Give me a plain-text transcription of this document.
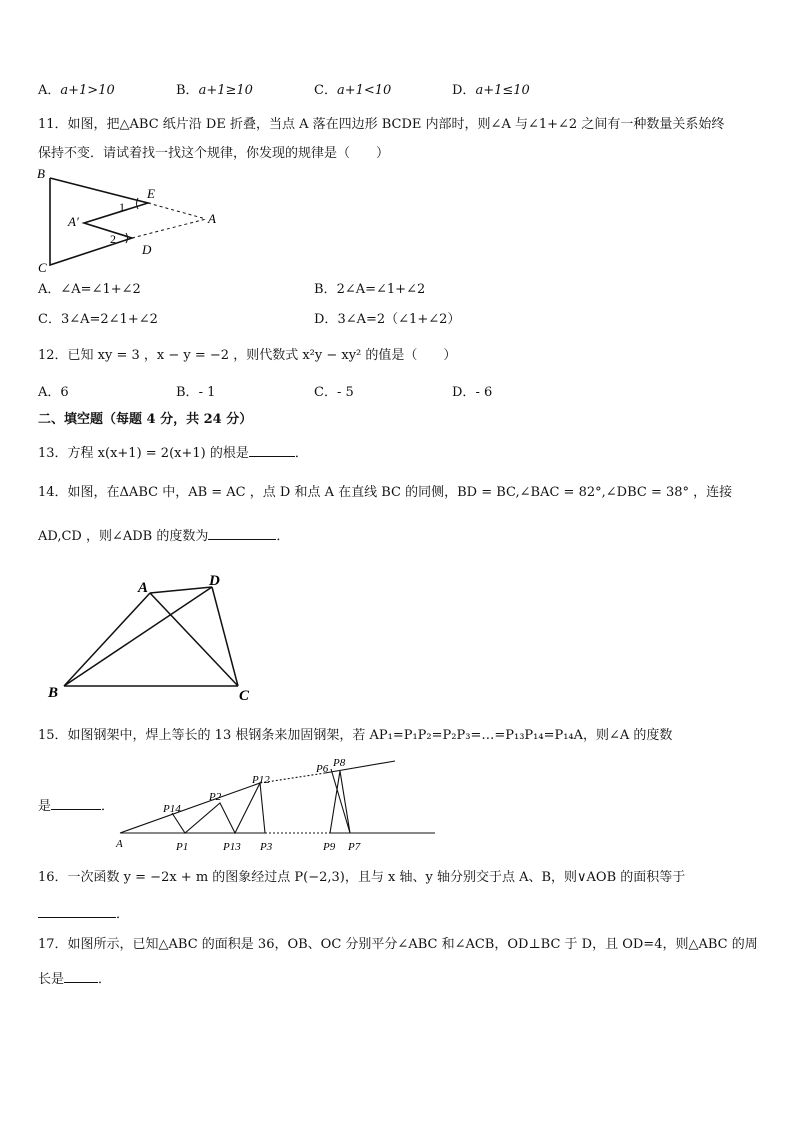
A．a+1>10	B．a+1≥10	C．a+1<10	D．a+1≤10
11．如图，把△ABC 纸片沿 DE 折叠，当点 A 落在四边形 BCDE 内部时，则∠A 与∠1+∠2 之间有一种数量关系始终
保持不变．请试着找一找这个规律，你发现的规律是（　　）
B
C
E
D
A
A′
1
2
A．∠A=∠1+∠2	B．2∠A=∠1+∠2
C．3∠A=2∠1+∠2	D．3∠A=2（∠1+∠2）
12．已知 xy = 3 ，x − y = −2 ，则代数式 x²y − xy² 的值是（　　）
A．6	B．- 1	C．- 5	D．- 6
二、填空题（每题 4 分，共 24 分）
13．方程 x(x+1) = 2(x+1) 的根是	．
14．如图，在ΔABC 中，AB = AC ，点 D 和点 A 在直线 BC 的同侧，BD = BC,∠BAC = 82°,∠DBC = 38° ，连接
AD,CD ，则∠ADB 的度数为	．
A	D
B	C
15．如图钢架中，焊上等长的 13 根钢条来加固钢架，若 AP₁=P₁P₂=P₂P₃=…=P₁₃P₁₄=P₁₄A，则∠A 的度数
是	．
A	P1
P2
P3
P6
P7
P8
P9
P12
P13
P14
16．一次函数 y = −2x + m 的图象经过点 P(−2,3)，且与 x 轴、y 轴分别交于点 A、B，则∨AOB 的面积等于
．
17．如图所示，已知△ABC 的面积是 36，OB、OC 分别平分∠ABC 和∠ACB，OD⊥BC 于 D，且 OD=4，则△ABC 的周
长是	．
